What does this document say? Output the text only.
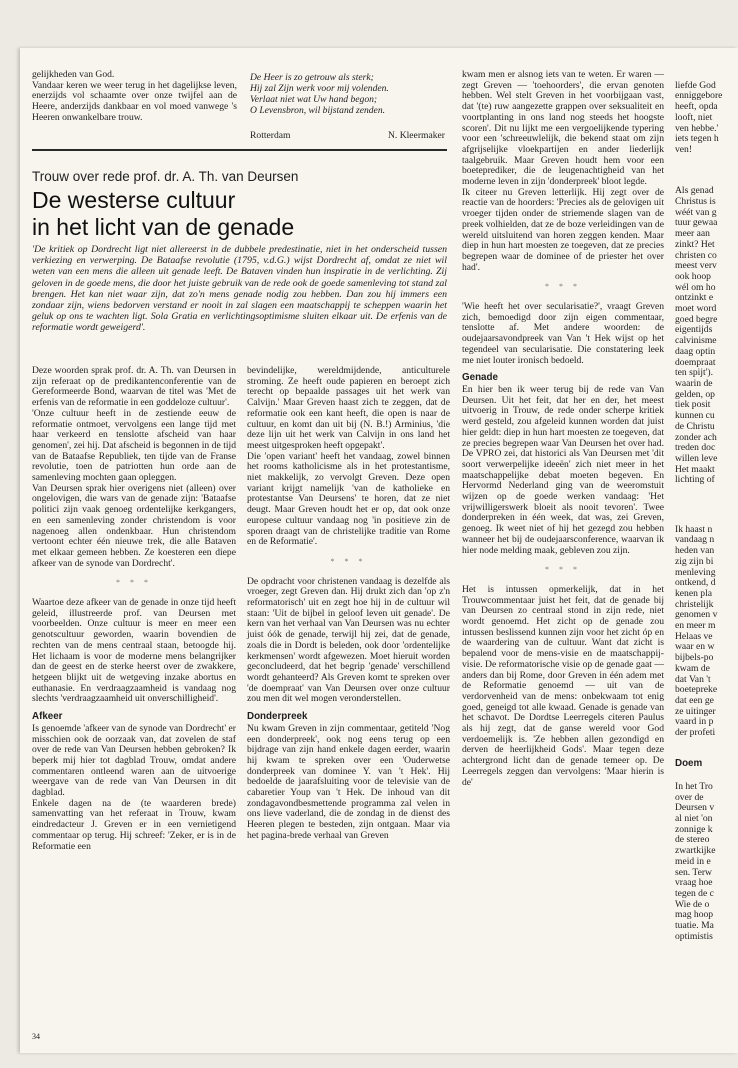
gelijkheden van God.
Vandaar keren we weer terug in het dagelijkse leven, enerzijds vol schaamte over onze twijfel aan de Heere, anderzijds dankbaar en vol moed vanwege 's Heeren onwankelbare trouw.
De Heer is zo getrouw als sterk;
Hij zal Zijn werk voor mij volenden.
Verlaat niet wat Uw hand begon;
O Levensbron, wil bijstand zenden.
Rotterdam	N. Kleermaker
Trouw over rede prof. dr. A. Th. van Deursen
De westerse cultuur
in het licht van de genade
'De kritiek op Dordrecht ligt niet allereerst in de dubbele predestinatie, niet in het onderscheid tussen verkiezing en verwerping. De Bataafse revolutie (1795, v.d.G.) wijst Dordrecht af, omdat ze niet wil weten van een mens die alleen uit genade leeft. De Bataven vinden hun inspiratie in de verlichting. Zij geloven in de goede mens, die door het juiste gebruik van de rede ook de goede samenleving tot stand zal brengen. Het kan niet waar zijn, dat zo'n mens genade nodig zou hebben. Dan zou hij immers een zondaar zijn, wiens bedorven verstand er nooit in zal slagen een maatschappij te scheppen waarin het geluk op ons te wachten ligt. Sola Gratia en verlichtingsoptimisme sluiten elkaar uit. De erfenis van de reformatie wordt geweigerd'.

Deze woorden sprak prof. dr. A. Th. van Deursen in zijn referaat op de predikantenconferentie van de Gereformeerde Bond, waarvan de titel was 'Met de erfenis van de reformatie in een goddeloze cultuur'.

'Onze cultuur heeft in de zestiende eeuw de reformatie ontmoet, vervolgens een lange tijd met haar verkeerd en tenslotte afscheid van haar genomen', zei hij. Dat afscheid is begonnen in de tijd van de Bataafse Republiek, ten tijde van de Franse revolutie, toen de patriotten hun orde aan de samenleving mochten gaan opleggen.

Van Deursen sprak hier overigens niet (alleen) over ongelovigen, die wars van de genade zijn: 'Bataafse politici zijn vaak genoeg ordentelijke kerkgangers, en een samenleving zonder christendom is voor nagenoeg allen ondenkbaar. Hun christendom vertoont echter één nieuwe trek, die alle Bataven met elkaar gemeen hebben. Ze koesteren een diepe afkeer van de synode van Dordrecht'.

* * *

Waartoe deze afkeer van de genade in onze tijd heeft geleid, illustreerde prof. van Deursen met voorbeelden. Onze cultuur is meer en meer een genotscultuur geworden, waarin bovendien de rechten van de mens centraal staan, betoogde hij. Het lichaam is voor de moderne mens belangrijker dan de geest en de sterke heerst over de zwakkere, hetgeen blijkt uit de wetgeving inzake abortus en euthanasie. En verdraagzaamheid is vandaag nog slechts 'verdraagzaamheid uit onverschilligheid'.

Afkeer

Is genoemde 'afkeer van de synode van Dordrecht' er misschien ook de oorzaak van, dat zovelen de staf over de rede van Van Deursen hebben gebroken? Ik beperk mij hier tot dagblad Trouw, omdat andere commentaren ontleend waren aan de uitvoerige weergave van de rede van Van Deursen in dit dagblad.

Enkele dagen na de (te waarderen brede) samenvatting van het referaat in Trouw, kwam eindredacteur J. Greven er in een vernietigend commentaar op terug. Hij schreef: 'Zeker, er is in de Reformatie een

bevindelijke, wereldmijdende, anticulturele stroming. Ze heeft oude papieren en beroept zich terecht op bepaalde passages uit het werk van Calvijn.' Maar Greven haast zich te zeggen, dat de reformatie ook een kant heeft, die open is naar de cultuur, en komt dan uit bij (N. B.!) Arminius, 'die deze lijn uit het werk van Calvijn in ons land het meest uitgesproken heeft opgepakt'.

Die 'open variant' heeft het vandaag, zowel binnen het rooms katholicisme als in het protestantisme, niet makkelijk, zo vervolgt Greven. Deze open variant krijgt namelijk 'van de katholieke en protestantse Van Deursens' te horen, dat ze niet deugt. Maar Greven houdt het er op, dat ook onze europese cultuur vandaag nog 'in positieve zin de sporen draagt van de christelijke traditie van Rome en de Reformatie'.

* * *

De opdracht voor christenen vandaag is dezelfde als vroeger, zegt Greven dan. Hij drukt zich dan 'op z'n reformatorisch' uit en zegt hoe hij in de cultuur wil staan: 'Uit de bijbel in geloof leven uit genade'. De kern van het verhaal van Van Deursen was nu echter juist óók de genade, terwijl hij zei, dat de genade, zoals die in Dordt is beleden, ook door 'ordentelijke kerkmensen' wordt afgewezen. Moet hieruit worden geconcludeerd, dat het begrip 'genade' verschillend wordt gehanteerd? Als Greven komt te spreken over 'de doempraat' van Van Deursen over onze cultuur zou men dit wel mogen veronderstellen.

Donderpreek

Nu kwam Greven in zijn commentaar, getiteld 'Nog een donderpreek', ook nog eens terug op een bijdrage van zijn hand enkele dagen eerder, waarin hij kwam te spreken over een 'Ouderwetse donderpreek van dominee Y. van 't Hek'. Hij bedoelde de jaarafsluiting voor de televisie van de cabaretier Youp van 't Hek. De inhoud van dit zondagavondbesmettende programma zal velen in ons lieve vaderland, die de zondag in de dienst des Heeren plegen te besteden, zijn ontgaan. Maar via het pagina-brede verhaal van Greven

kwam men er alsnog iets van te weten. Er waren — zegt Greven — 'toehoorders', die ervan genoten hebben. Wel stelt Greven in het voorbijgaan vast, dat '(te) ruw aangezette grappen over seksualiteit en voortplanting in ons land nog steeds het hoogste scoren'. Dit nu lijkt me een vergoelijkende typering voor een 'schreeuwlelijk, die bekend staat om zijn afgrijselijke vloekpartijen en ander liederlijk taalgebruik. Maar Greven houdt hem voor een boeteprediker, die de leugenachtigheid van het moderne leven in zijn 'donderpreek' bloot legde.

Ik citeer nu Greven letterlijk. Hij zegt over de reactie van de hoorders: 'Precies als de gelovigen uit vroeger tijden onder de striemende slagen van de preek volhielden, dat ze de boze verleidingen van de wereld uitsluitend van horen zeggen kenden. Maar diep in hun hart moesten ze toegeven, dat ze precies begrepen waar de dominee of de priester het over had'.

* * *

'Wie heeft het over secularisatie?', vraagt Greven zich, bemoedigd door zijn eigen commentaar, tenslotte af. Met andere woorden: de oudejaarsavondpreek van Van 't Hek wijst op het tegendeel van secularisatie. Die constatering leek me niet louter ironisch bedoeld.

Genade

En hier ben ik weer terug bij de rede van Van Deursen. Uit het feit, dat her en der, het meest uitvoerig in Trouw, de rede onder scherpe kritiek werd gesteld, zou afgeleid kunnen worden dat juist hier geldt: diep in hun hart moesten ze toegeven, dat ze precies begrepen waar Van Deursen het over had. De VPRO zei, dat historici als Van Deursen met 'dit soort verwerpelijke ideeën' zich niet meer in het maatschappelijke debat moeten begeven. En Hervormd Nederland ging van de weeromstuit wijzen op de goede werken vandaag: 'Het vrijwilligerswerk bloeit als nooit tevoren'. Twee donderpreken in één week, dat was, zei Greven, genoeg. Ik weet niet of hij het gezegd zou hebben wanneer het bij de oudejaarsconference, waarvan ik hier node melding maak, gebleven zou zijn.

* * *

Het is intussen opmerkelijk, dat in het Trouwcommentaar juist het feit, dat de genade bij van Deursen zo centraal stond in zijn rede, niet wordt genoemd. Het zicht op de genade zou intussen beslissend kunnen zijn voor het zicht óp en de waardering van de cultuur. Want dat zicht is bepalend voor de mens-visie en de maatschappij-visie. De reformatorische visie op de genade gaat — anders dan bij Rome, door Greven in één adem met de Reformatie genoemd — uit van de verdorvenheid van de mens: onbekwaam tot enig goed, geneigd tot alle kwaad. Genade is genade van het schavot. De Dordtse Leerregels citeren Paulus als hij zegt, dat de ganse wereld voor God verdoemelijk is. 'Ze hebben allen gezondigd en derven de heerlijkheid Gods'. Maar tegen deze achtergrond licht dan de genade temeer op. De Leerregels zeggen dan vervolgens: 'Maar hierin is de'

liefde God
enniggebore
heeft, opda
looft, niet
ven hebbe.'
iets tegen h
ven!

Als genad
Christus is
wéét van g
tuur gewaa
meer aan
zinkt? Het
christen co
meest verv
ook hoop
wél om ho
ontzinkt e
moet word
goed begre
eigentijds
calvinisme
daag optin
doempraat
ten spijt').
waarin de
gelden, op
tiek posit
kunnen cu
de Christu
zonder ach
treden doc
willen leve
Het maakt
lichting of

Ik haast n
vandaag n
heden van
zig zijn bi
menleving
ontkend, d
kenen pla
christelijk
genomen v
en meer m
Helaas ve
waar en w
bijbels-po
kwam de
dat Van 't
boetepreke
dat een ge
ze uitinger
vaard in p
der profeti

Doem

In het Tro
over de
Deursen v
al niet 'on
zonnige k
de stereo
zwartkijke
meid in e
sen. Terw
vraag hoe
tegen de c
Wie de o
mag hoop
tuatie. Ma
optimistis

34
